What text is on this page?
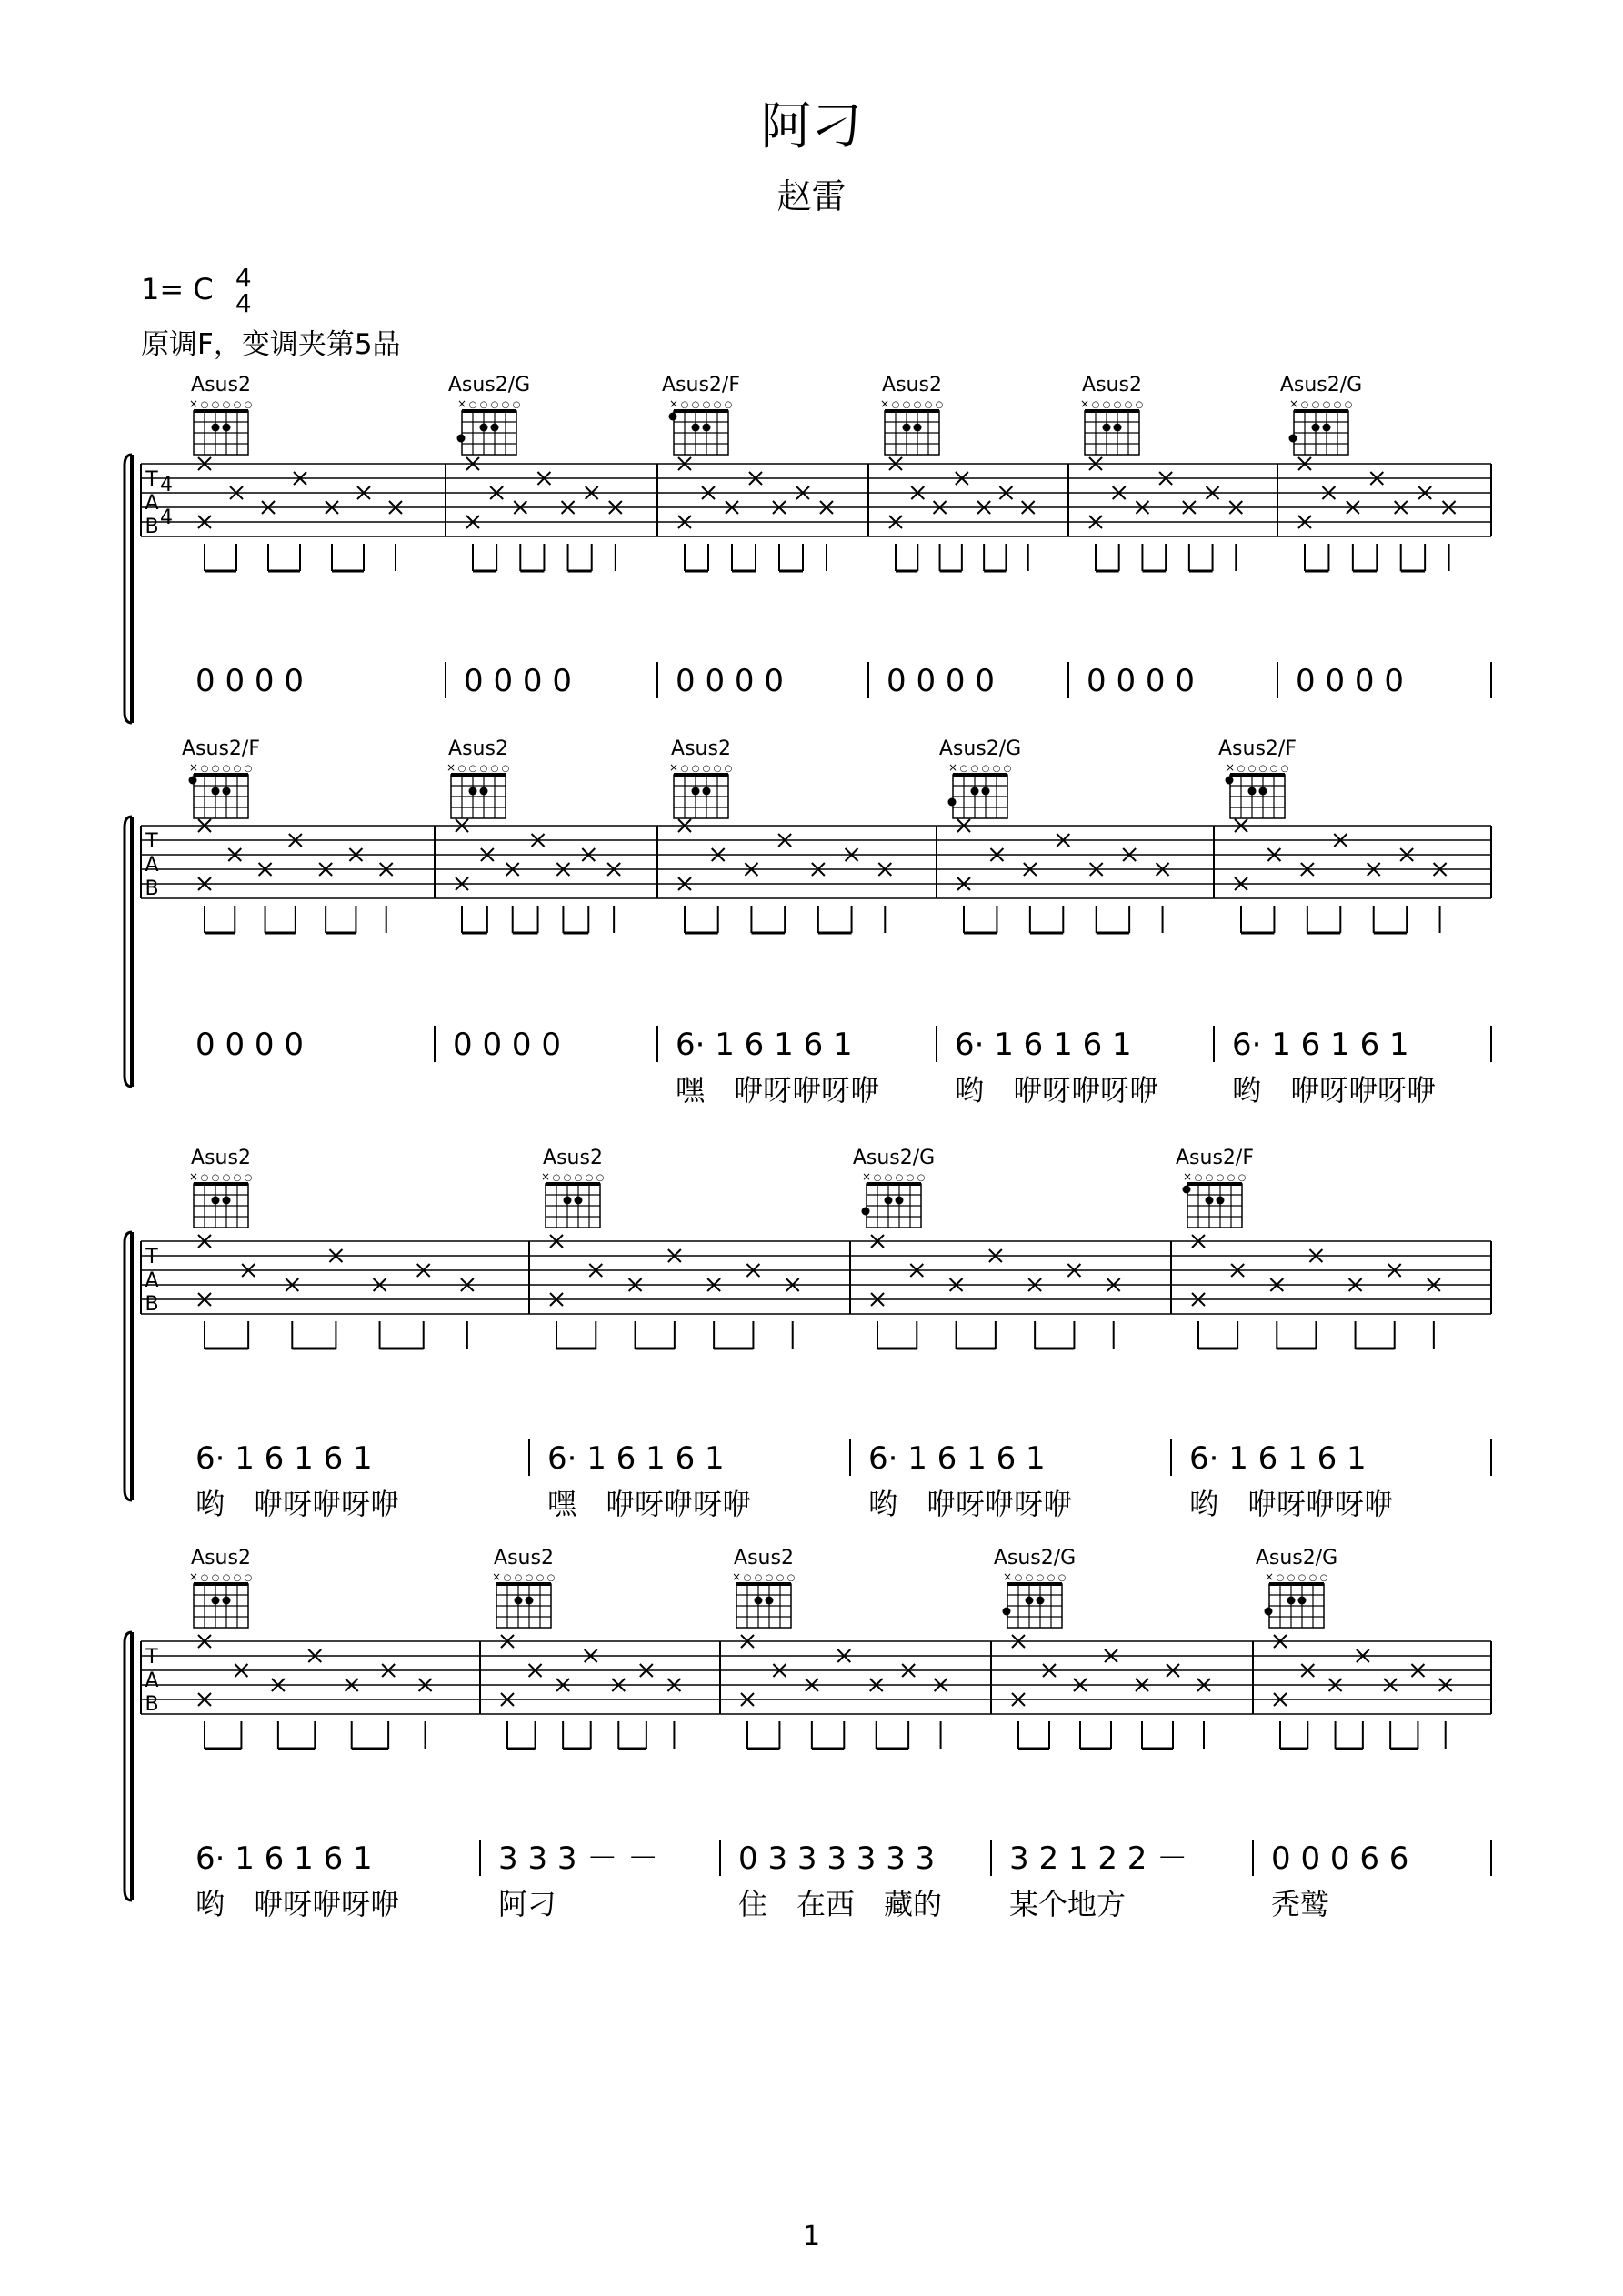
阿刁
赵雷
1= C 4
4
原调F，变调夹第5品
1
T
A
B
4
4
Asus2
× ○ ○ ○ ○ ○
0 0 0 0
Asus2/G
× ○ ○ ○ ○ ○
0 0 0 0
Asus2/F
× ○ ○ ○ ○ ○
0 0 0 0
Asus2
× ○ ○ ○ ○ ○
0 0 0 0
Asus2
× ○ ○ ○ ○ ○
0 0 0 0
Asus2/G
× ○ ○ ○ ○ ○
0 0 0 0
T
A
B
Asus2/F
× ○ ○ ○ ○ ○
0 0 0 0
Asus2
× ○ ○ ○ ○ ○
0 0 0 0
Asus2
× ○ ○ ○ ○ ○
6· 1 6 1 6 1
嘿　咿呀咿呀咿
Asus2/G
× ○ ○ ○ ○ ○
6· 1 6 1 6 1
哟　咿呀咿呀咿
Asus2/F
× ○ ○ ○ ○ ○
6· 1 6 1 6 1
哟　咿呀咿呀咿
T
A
B
Asus2
× ○ ○ ○ ○ ○
6· 1 6 1 6 1
哟　咿呀咿呀咿
Asus2
× ○ ○ ○ ○ ○
6· 1 6 1 6 1
嘿　咿呀咿呀咿
Asus2/G
× ○ ○ ○ ○ ○
6· 1 6 1 6 1
哟　咿呀咿呀咿
Asus2/F
× ○ ○ ○ ○ ○
6· 1 6 1 6 1
哟　咿呀咿呀咿
T
A
B
Asus2
× ○ ○ ○ ○ ○
6· 1 6 1 6 1
哟　咿呀咿呀咿
Asus2
× ○ ○ ○ ○ ○
3 3 3 － －
阿刁
Asus2
× ○ ○ ○ ○ ○
0 3 3 3 3 3 3
住　在西　藏的
Asus2/G
× ○ ○ ○ ○ ○
3 2 1 2 2 －
某个地方
Asus2/G
× ○ ○ ○ ○ ○
0 0 0 6 6
秃鹫
